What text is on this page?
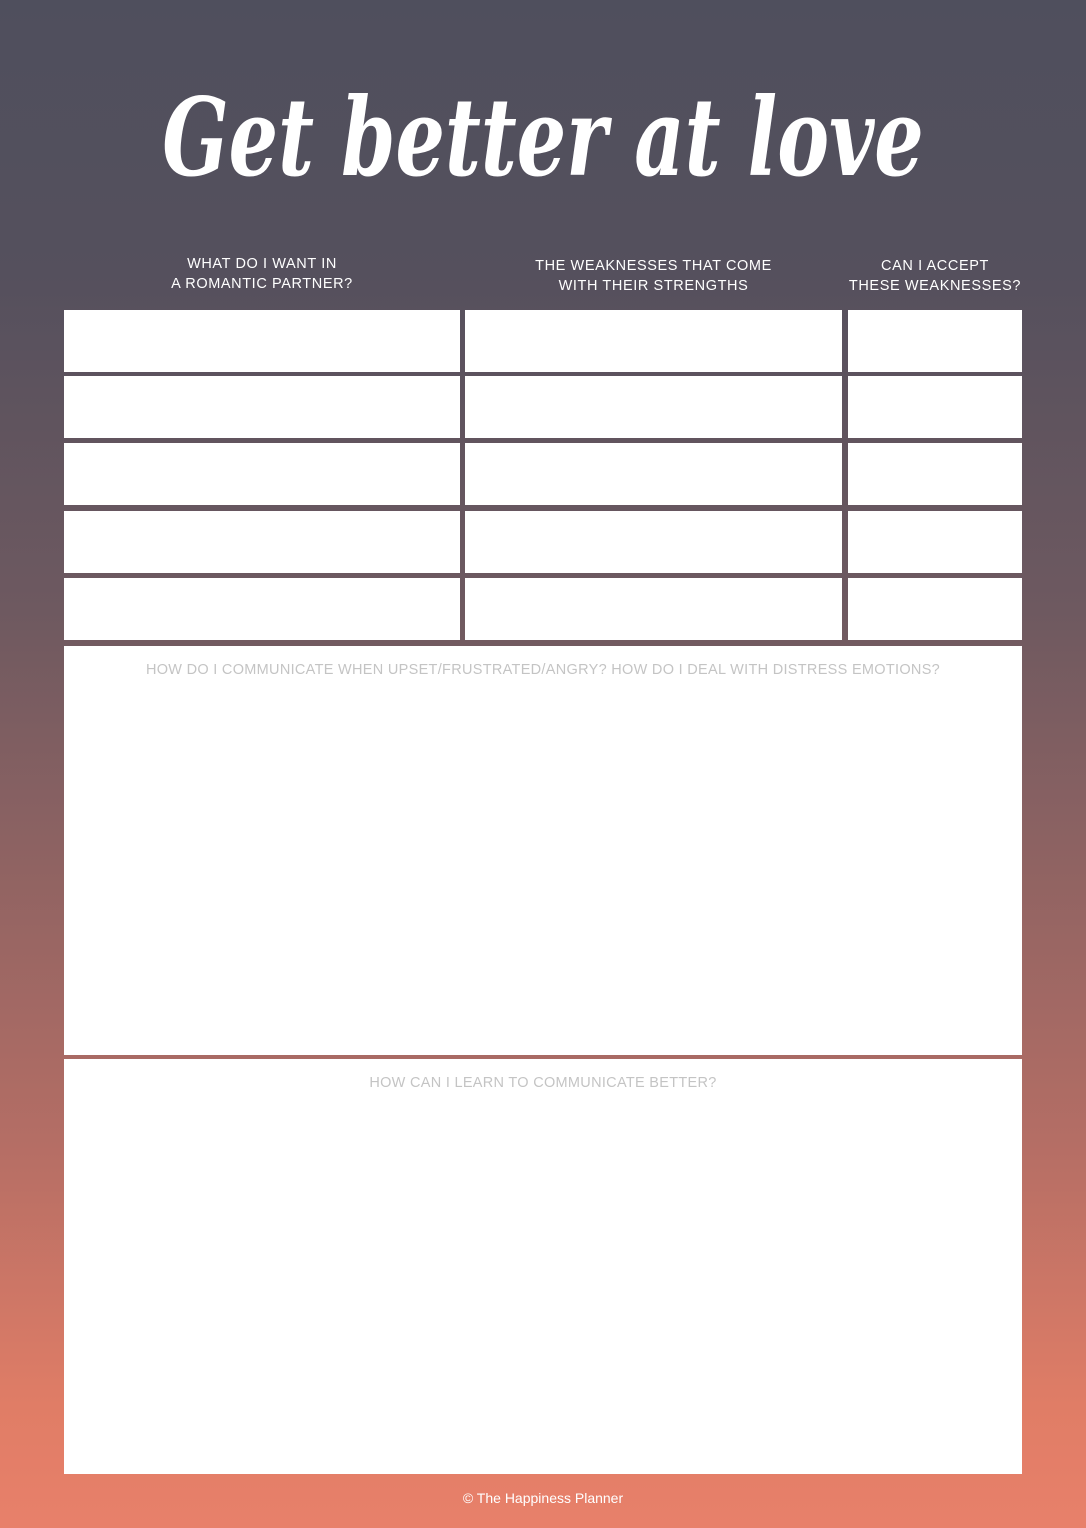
Get better at love
WHAT DO I WANT IN
A ROMANTIC PARTNER?
THE WEAKNESSES THAT COME
WITH THEIR STRENGTHS
CAN I ACCEPT
THESE WEAKNESSES?
HOW DO I COMMUNICATE WHEN UPSET/FRUSTRATED/ANGRY? HOW DO I DEAL WITH DISTRESS EMOTIONS?
HOW CAN I LEARN TO COMMUNICATE BETTER?
© The Happiness Planner
